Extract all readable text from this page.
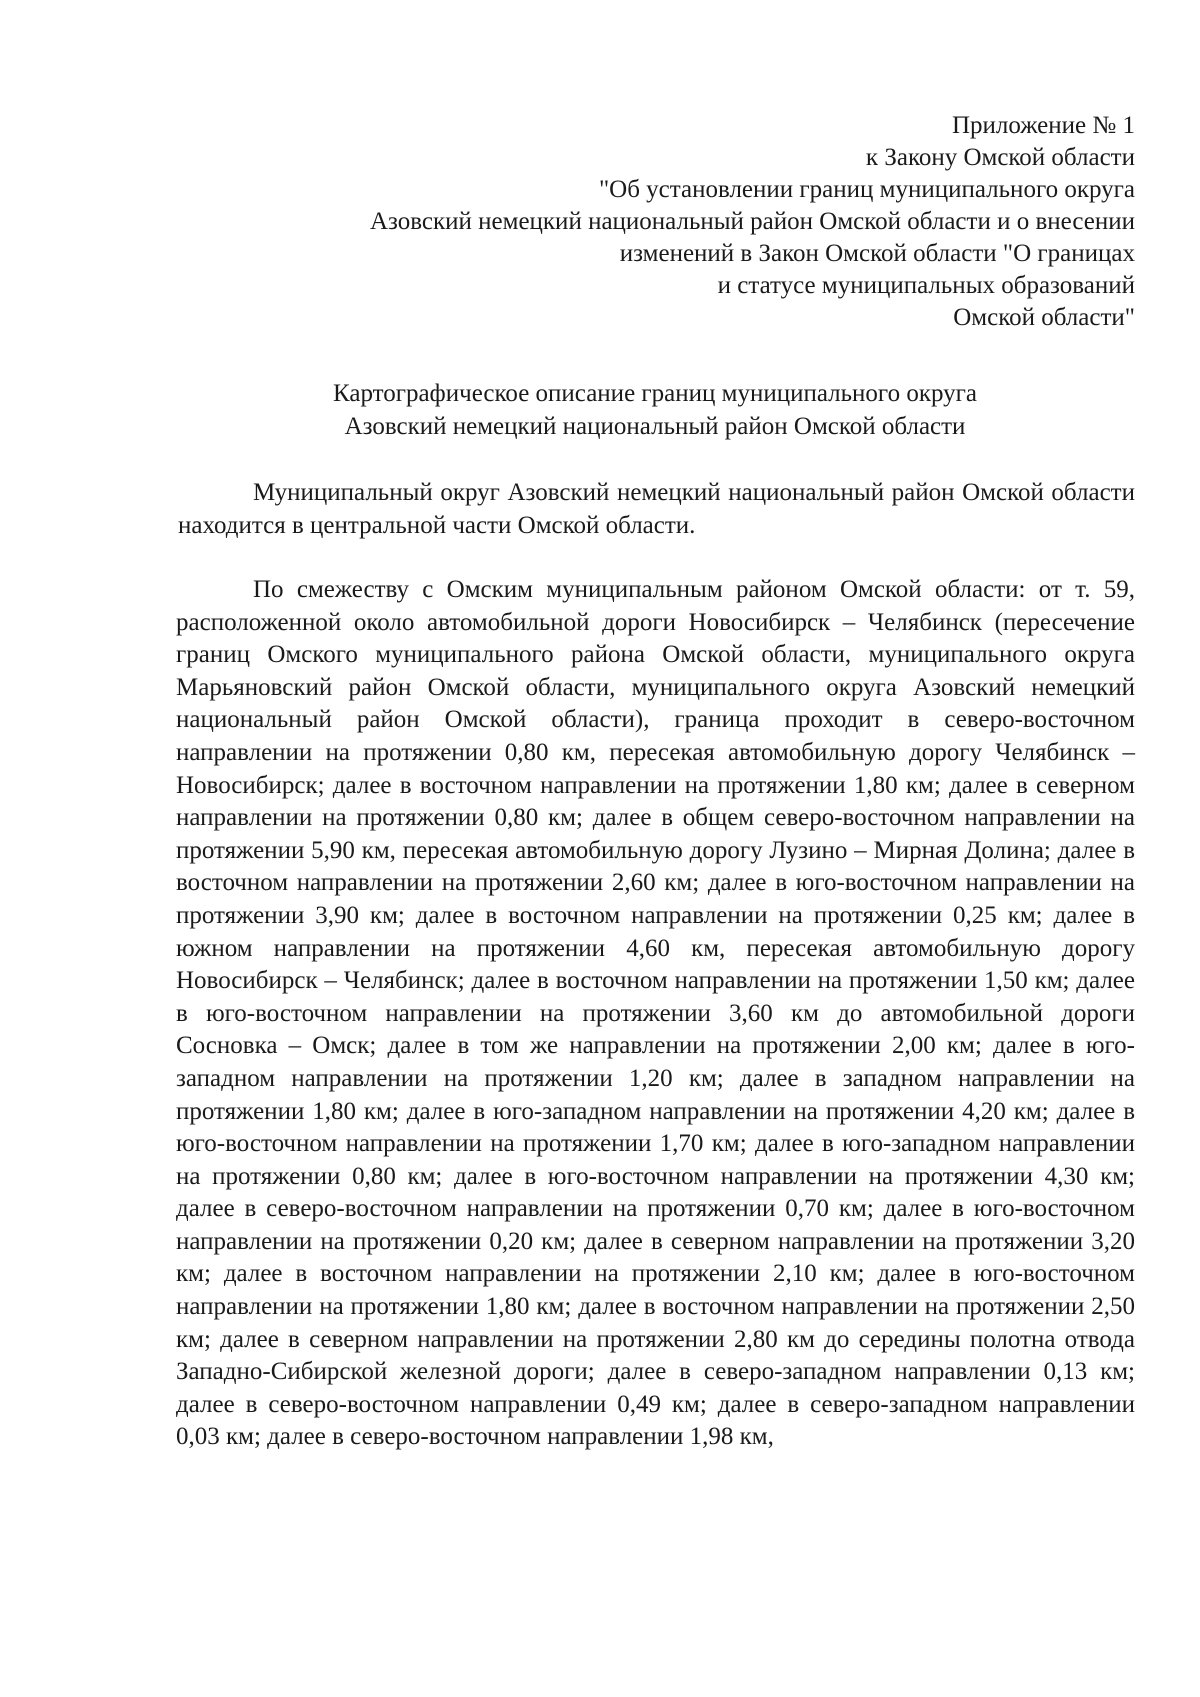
Приложение № 1
к Закону Омской области
"Об установлении границ муниципального округа
Азовский немецкий национальный район Омской области и о внесении
изменений в Закон Омской области "О границах
и статусе муниципальных образований
Омской области"
Картографическое описание границ муниципального округа
Азовский немецкий национальный район Омской области

Муниципальный округ Азовский немецкий национальный район Омской области находится в центральной части Омской области.

По смежеству с Омским муниципальным районом Омской области: от т. 59, расположенной около автомобильной дороги Новосибирск – Челябинск (пересечение границ Омского муниципального района Омской области, муниципального округа Марьяновский район Омской области, муниципального округа Азовский немецкий национальный район Омской области), граница проходит в северо-восточном направлении на протяжении 0,80 км, пересекая автомобильную дорогу Челябинск – Новосибирск; далее в восточном направлении на протяжении 1,80 км; далее в северном направлении на протяжении 0,80 км; далее в общем северо-восточном направлении на протяжении 5,90 км, пересекая автомобильную дорогу Лузино – Мирная Долина; далее в восточном направлении на протяжении 2,60 км; далее в юго-восточном направлении на протяжении 3,90 км; далее в восточном направлении на протяжении 0,25 км; далее в южном направлении на протяжении 4,60 км, пересекая автомобильную дорогу Новосибирск – Челябинск; далее в восточном направлении на протяжении 1,50 км; далее в юго-восточном направлении на протяжении 3,60 км до автомобильной дороги Сосновка – Омск; далее в том же направлении на протяжении 2,00 км; далее в юго-западном направлении на протяжении 1,20 км; далее в западном направлении на протяжении 1,80 км; далее в юго-западном направлении на протяжении 4,20 км; далее в юго-восточном направлении на протяжении 1,70 км; далее в юго-западном направлении на протяжении 0,80 км; далее в юго-восточном направлении на протяжении 4,30 км; далее в северо-восточном направлении на протяжении 0,70 км; далее в юго-восточном направлении на протяжении 0,20 км; далее в северном направлении на протяжении 3,20 км; далее в восточном направлении на протяжении 2,10 км; далее в юго-восточном направлении на протяжении 1,80 км; далее в восточном направлении на протяжении 2,50 км; далее в северном направлении на протяжении 2,80 км до середины полотна отвода Западно-Сибирской железной дороги; далее в северо-западном направлении 0,13 км; далее в северо-восточном направлении 0,49 км; далее в северо-западном направлении 0,03 км; далее в северо-восточном направлении 1,98 км,
